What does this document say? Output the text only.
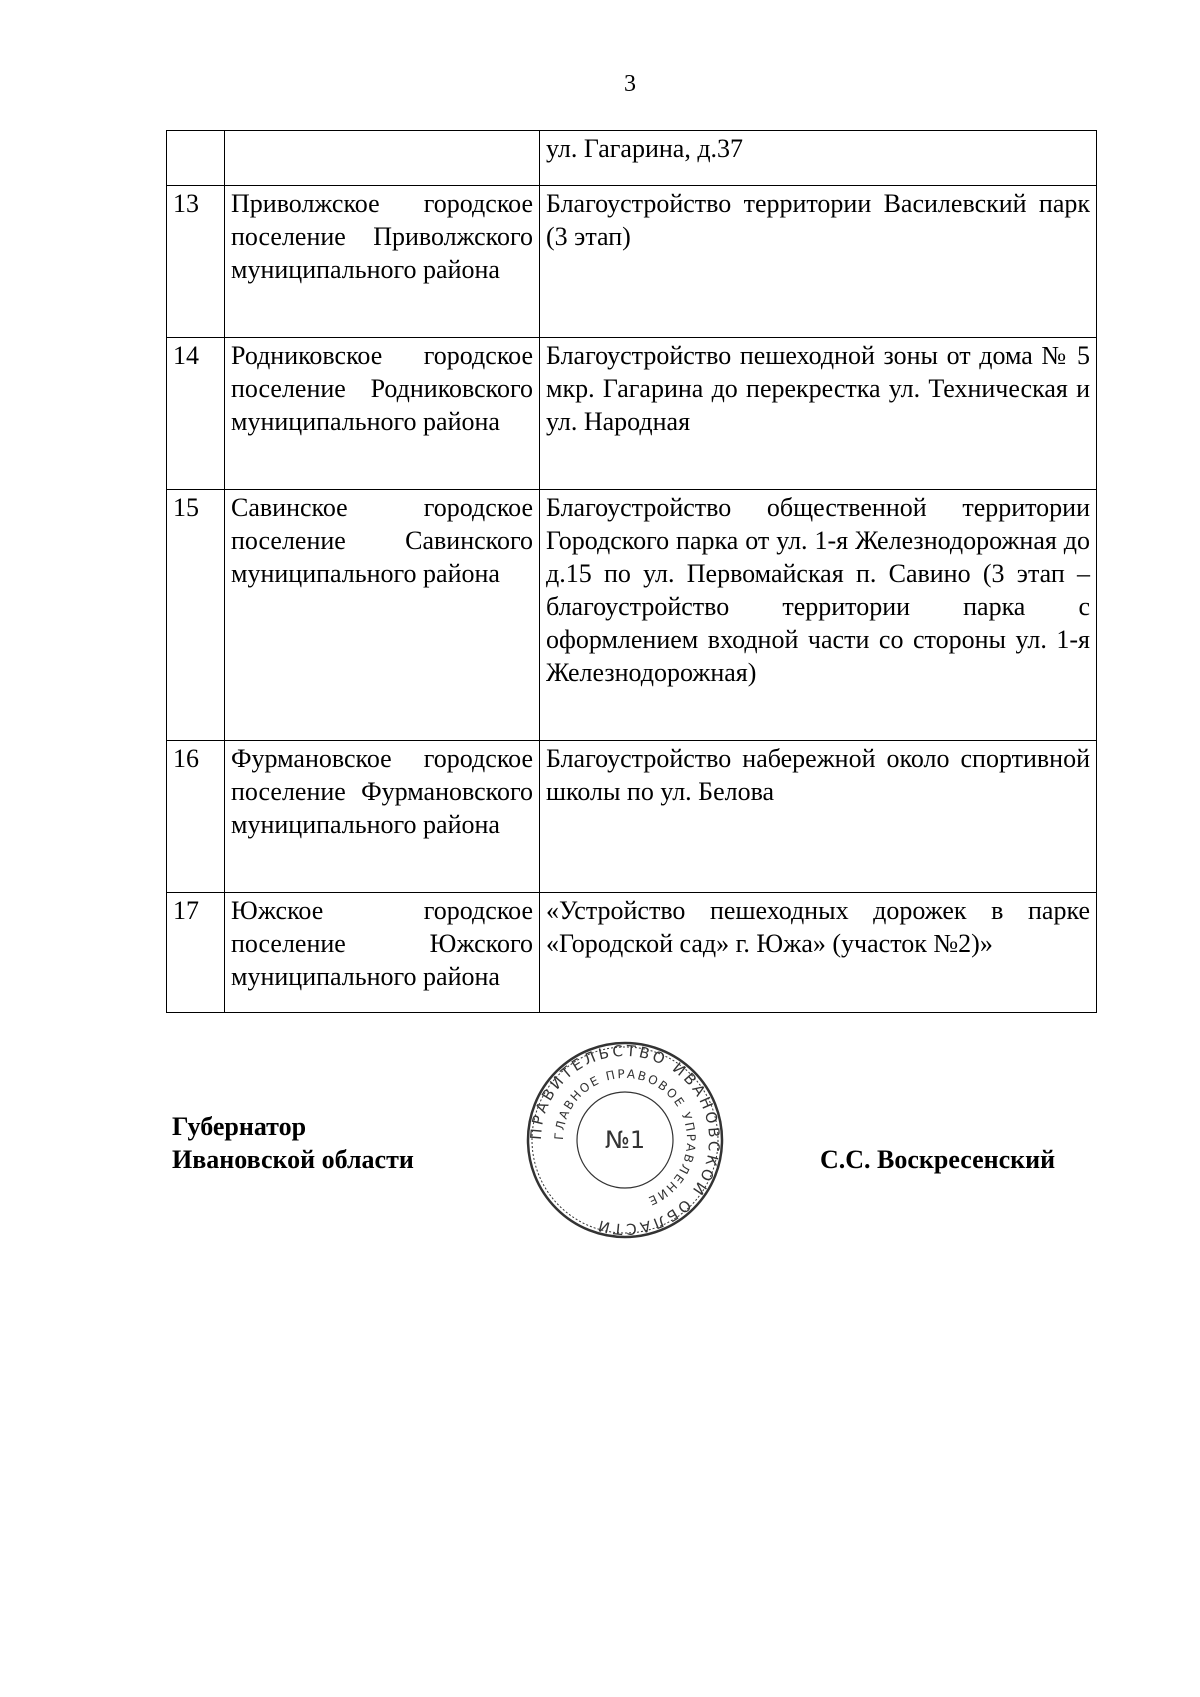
3
		ул. Гагарина, д.37
13	Приволжское городское поселение Приволжского муниципального района	Благоустройство территории Василевский парк (3 этап)
14	Родниковское городское поселение Родниковского муниципального района	Благоустройство пешеходной зоны от дома № 5 мкр. Гагарина до перекрестка ул. Техническая и ул. Народная
15	Савинское городское поселение Савинского муниципального района	Благоустройство общественной территории Городского парка от ул. 1-я Железнодорожная до д.15 по ул. Первомайская п. Савино (3 этап – благоустройство территории парка с оформлением входной части со стороны ул. 1-я Железнодорожная)
16	Фурмановское городское поселение Фурмановского муниципального района	Благоустройство набережной около спортивной школы по ул. Белова
17	Южское городское поселение Южского муниципального района	«Устройство пешеходных дорожек в парке «Городской сад» г. Южа» (участок №2)»
Губернатор
Ивановской области
ПРАВИТЕЛЬСТВО ИВАНОВСКОЙ ОБЛАСТИ
ГЛАВНОЕ ПРАВОВОЕ УПРАВЛЕНИЕ
№1
С.С. Воскресенский
